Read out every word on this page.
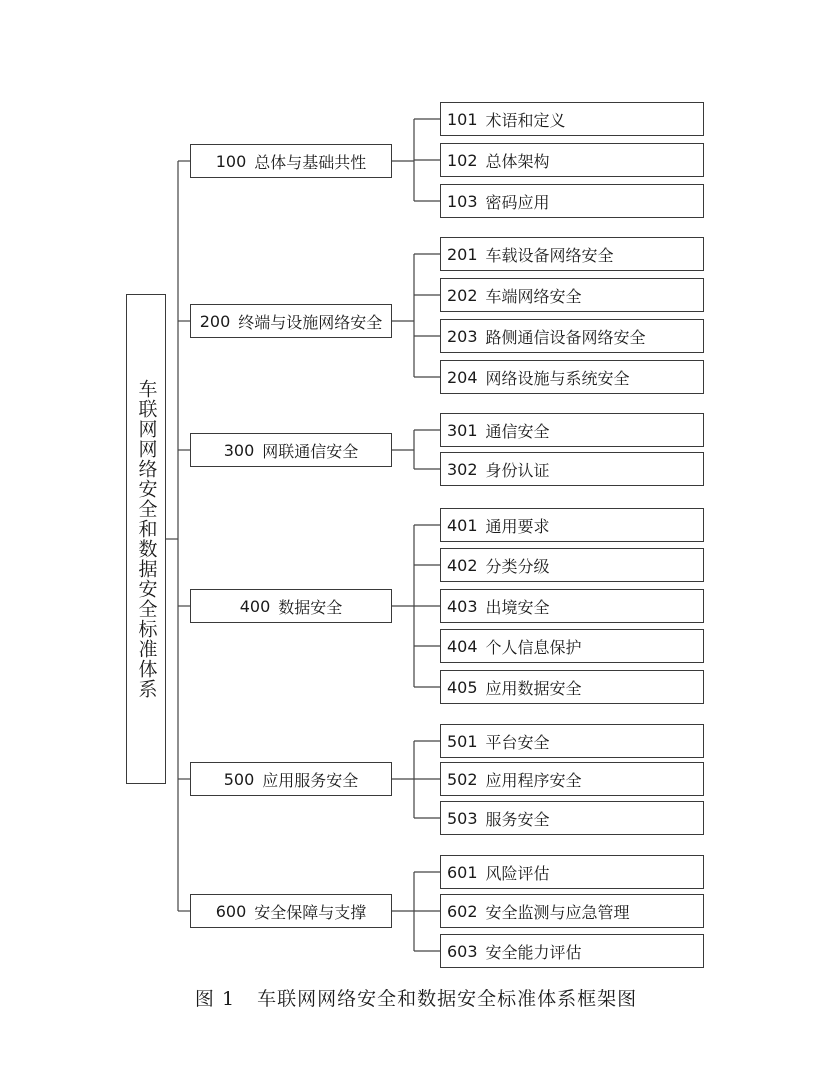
车联网网络安全和数据安全标准体系
100 总体与基础共性
101 术语和定义
102 总体架构
103 密码应用
200 终端与设施网络安全
201 车载设备网络安全
202 车端网络安全
203 路侧通信设备网络安全
204 网络设施与系统安全
300 网联通信安全
301 通信安全
302 身份认证
400 数据安全
401 通用要求
402 分类分级
403 出境安全
404 个人信息保护
405 应用数据安全
500 应用服务安全
501 平台安全
502 应用程序安全
503 服务安全
600 安全保障与支撑
601 风险评估
602 安全监测与应急管理
603 安全能力评估
图 1 车联网网络安全和数据安全标准体系框架图
